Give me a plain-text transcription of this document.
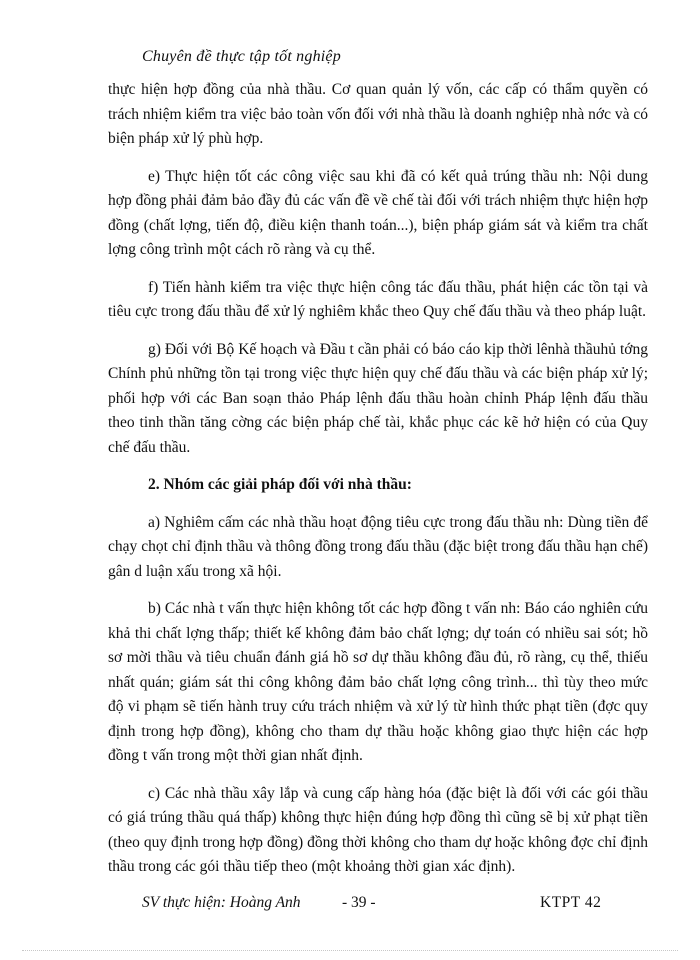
Chuyên đề thực tập tốt nghiệp

thực hiện hợp đồng của nhà thầu. Cơ quan quản lý vốn, các cấp có thẩm quyền có trách nhiệm kiểm tra việc bảo toàn vốn đối với nhà thầu là doanh nghiệp nhà nớc và có biện pháp xử lý phù hợp.

e) Thực hiện tốt các công việc sau khi đã có kết quả trúng thầu nh: Nội dung hợp đồng phải đảm bảo đầy đủ các vấn đề về chế tài đối với trách nhiệm thực hiện hợp đồng (chất lợng, tiến độ, điều kiện thanh toán...), biện pháp giám sát và kiểm tra chất lợng công trình một cách rõ ràng và cụ thể.

f) Tiến hành kiểm tra việc thực hiện công tác đấu thầu, phát hiện các tồn tại và tiêu cực trong đấu thầu để xử lý nghiêm khắc theo Quy chế đấu thầu và theo pháp luật.

g) Đối với Bộ Kế hoạch và Đầu t cần phải có báo cáo kịp thời lênhà thầuhủ tớng Chính phủ những tồn tại trong việc thực hiện quy chế đấu thầu và các biện pháp xử lý; phối hợp với các Ban soạn thảo Pháp lệnh đấu thầu hoàn chỉnh Pháp lệnh đấu thầu theo tinh thần tăng cờng các biện pháp chế tài, khắc phục các kẽ hở hiện có của Quy chế đấu thầu.

2. Nhóm các giải pháp đối với nhà thầu:

a) Nghiêm cấm các nhà thầu hoạt động tiêu cực trong đấu thầu nh: Dùng tiền để chạy chọt chỉ định thầu và thông đồng trong đấu thầu (đặc biệt trong đấu thầu hạn chế) gân d luận xấu trong xã hội.

b) Các nhà t vấn thực hiện không tốt các hợp đồng t vấn nh: Báo cáo nghiên cứu khả thi chất lợng thấp; thiết kế không đảm bảo chất lợng; dự toán có nhiều sai sót; hồ sơ mời thầu và tiêu chuẩn đánh giá hồ sơ dự thầu không đầu đủ, rõ ràng, cụ thể, thiếu nhất quán; giám sát thi công không đảm bảo chất lợng công trình... thì tùy theo mức độ vi phạm sẽ tiến hành truy cứu trách nhiệm và xử lý từ hình thức phạt tiền (đợc quy định trong hợp đồng), không cho tham dự thầu hoặc không giao thực hiện các hợp đồng t vấn trong một thời gian nhất định.

c) Các nhà thầu xây lắp và cung cấp hàng hóa (đặc biệt là đối với các gói thầu có giá trúng thầu quá thấp) không thực hiện đúng hợp đồng thì cũng sẽ bị xử phạt tiền (theo quy định trong hợp đồng) đồng thời không cho tham dự hoặc không đợc chỉ định thầu trong các gói thầu tiếp theo (một khoảng thời gian xác định).

SV thực hiện: Hoàng Anh	- 39 -	KTPT 42
